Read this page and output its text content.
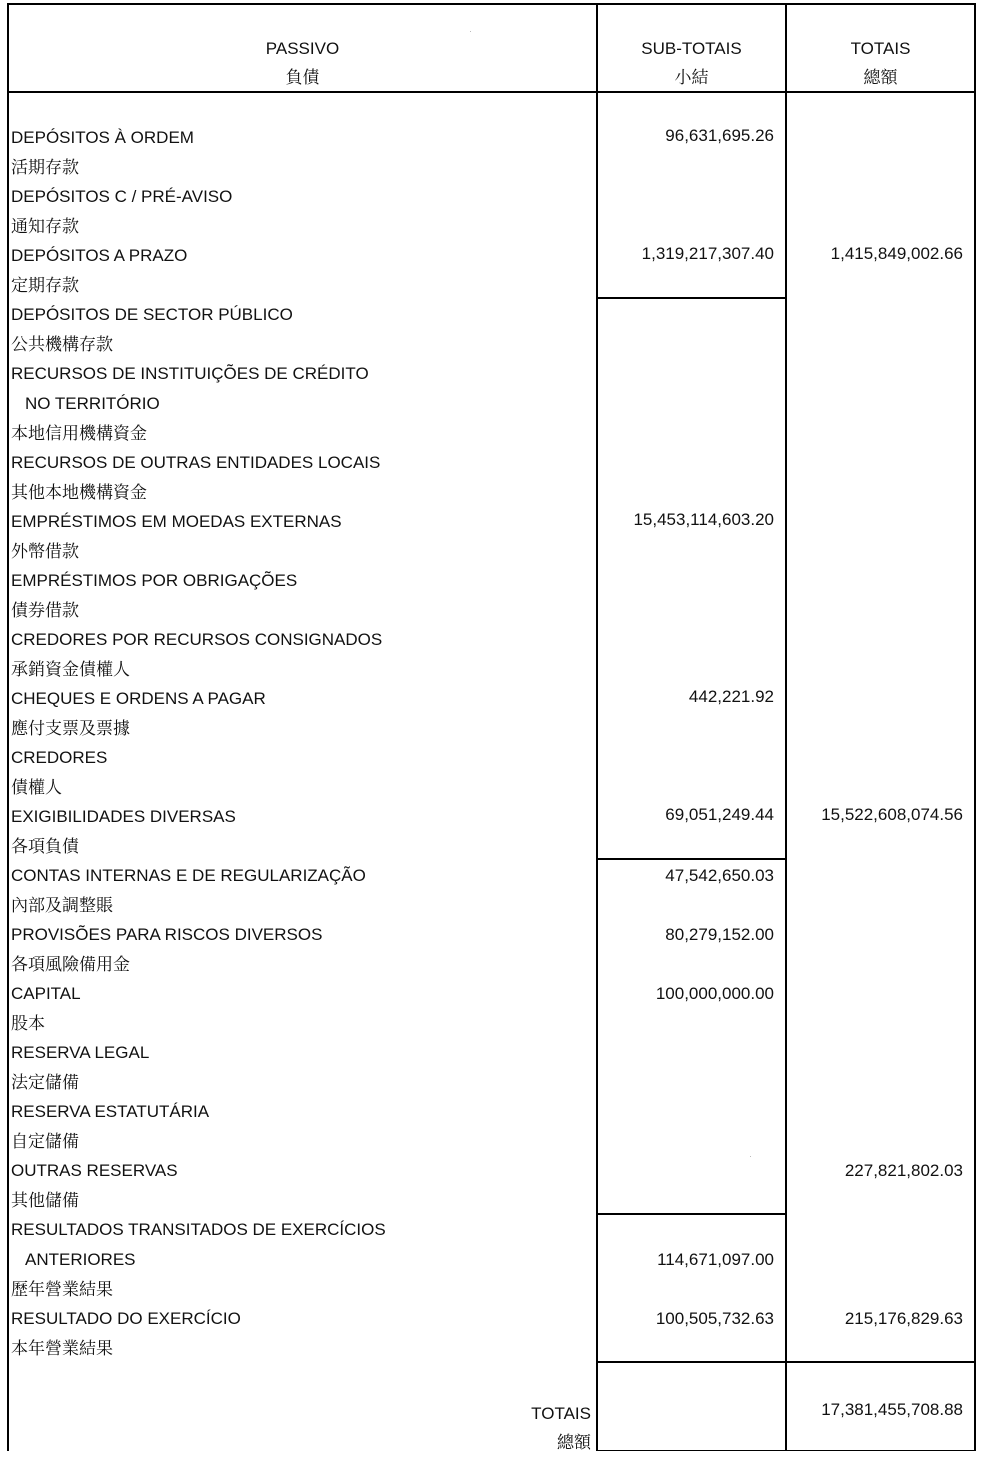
PASSIVO
負債
SUB-TOTAIS
小結
TOTAIS
總額
DEPÓSITOS À ORDEM
活期存款
DEPÓSITOS C / PRÉ-AVISO
通知存款
DEPÓSITOS A PRAZO
定期存款
DEPÓSITOS DE SECTOR PÚBLICO
公共機構存款
RECURSOS DE INSTITUIÇÕES DE CRÉDITO
NO TERRITÓRIO
本地信用機構資金
RECURSOS DE OUTRAS ENTIDADES LOCAIS
其他本地機構資金
EMPRÉSTIMOS EM MOEDAS EXTERNAS
外幣借款
EMPRÉSTIMOS POR OBRIGAÇÕES
債券借款
CREDORES POR RECURSOS CONSIGNADOS
承銷資金債權人
CHEQUES E ORDENS A PAGAR
應付支票及票據
CREDORES
債權人
EXIGIBILIDADES DIVERSAS
各項負債
CONTAS INTERNAS E DE REGULARIZAÇÃO
內部及調整賬
PROVISÕES PARA RISCOS DIVERSOS
各項風險備用金
CAPITAL
股本
RESERVA LEGAL
法定儲備
RESERVA ESTATUTÁRIA
自定儲備
OUTRAS RESERVAS
其他儲備
RESULTADOS TRANSITADOS DE EXERCÍCIOS
ANTERIORES
歷年營業結果
RESULTADO DO EXERCÍCIO
本年營業結果
96,631,695.26
1,319,217,307.40
15,453,114,603.20
442,221.92
69,051,249.44
47,542,650.03
80,279,152.00
100,000,000.00
114,671,097.00
100,505,732.63
1,415,849,002.66
15,522,608,074.56
227,821,802.03
215,176,829.63
TOTAIS
總額
17,381,455,708.88
